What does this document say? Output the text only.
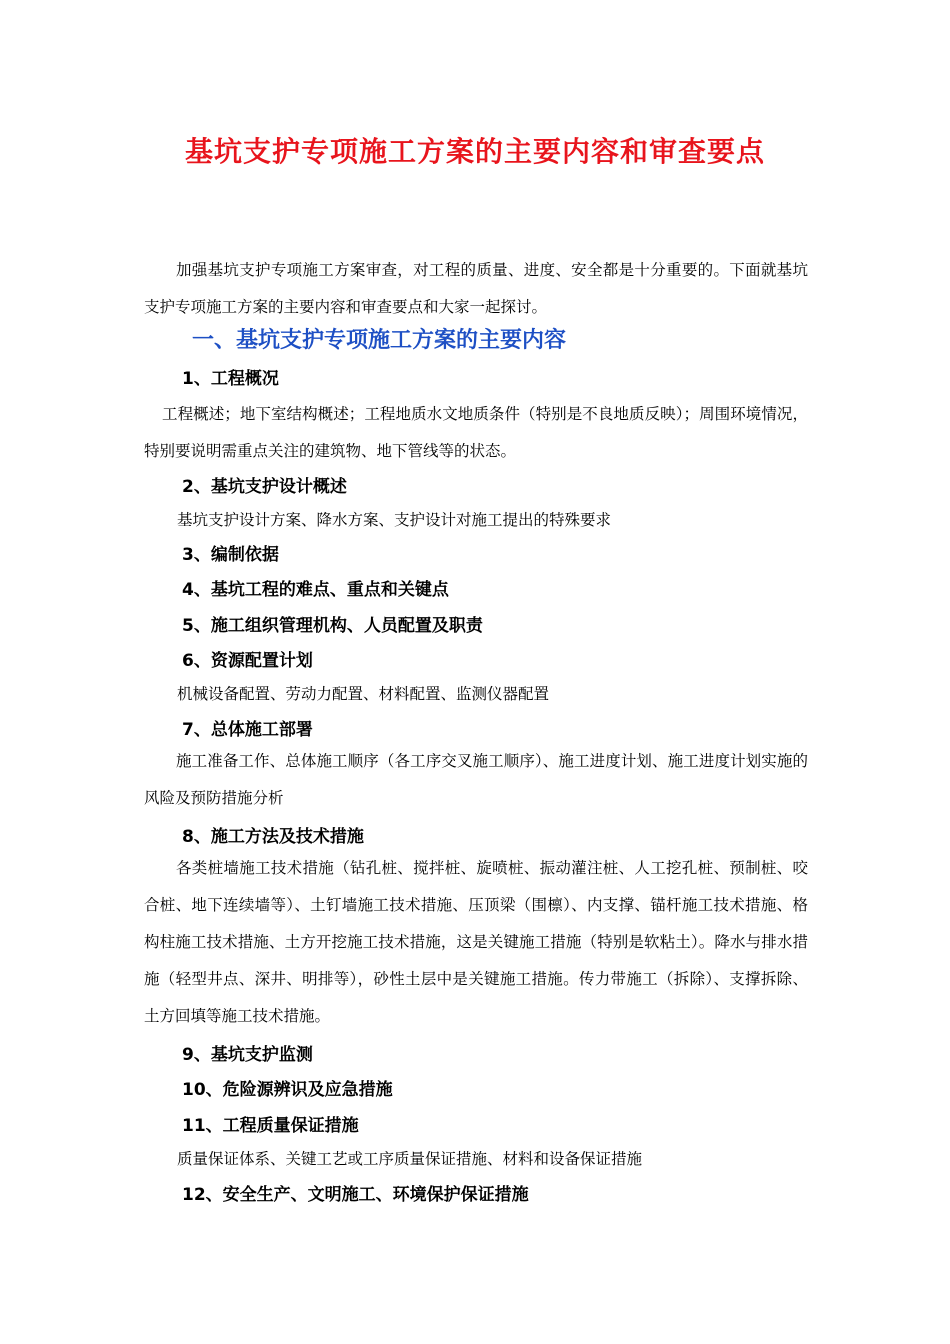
基坑支护专项施工方案的主要内容和审查要点
加强基坑支护专项施工方案审查，对工程的质量、进度、安全都是十分重要的。下面就基坑支护专项施工方案的主要内容和审查要点和大家一起探讨。
一、基坑支护专项施工方案的主要内容
1、工程概况
工程概述；地下室结构概述；工程地质水文地质条件（特别是不良地质反映）；周围环境情况，特别要说明需重点关注的建筑物、地下管线等的状态。
2、基坑支护设计概述
基坑支护设计方案、降水方案、支护设计对施工提出的特殊要求
3、编制依据
4、基坑工程的难点、重点和关键点
5、施工组织管理机构、人员配置及职责
6、资源配置计划
机械设备配置、劳动力配置、材料配置、监测仪器配置
7、总体施工部署
施工准备工作、总体施工顺序（各工序交叉施工顺序）、施工进度计划、施工进度计划实施的风险及预防措施分析
8、施工方法及技术措施
各类桩墙施工技术措施（钻孔桩、搅拌桩、旋喷桩、振动灌注桩、人工挖孔桩、预制桩、咬合桩、地下连续墙等）、土钉墙施工技术措施、压顶梁（围檩）、内支撑、锚杆施工技术措施、格构柱施工技术措施、土方开挖施工技术措施，这是关键施工措施（特别是软粘土）。降水与排水措施（轻型井点、深井、明排等），砂性土层中是关键施工措施。传力带施工（拆除）、支撑拆除、土方回填等施工技术措施。
9、基坑支护监测
10、危险源辨识及应急措施
11、工程质量保证措施
质量保证体系、关键工艺或工序质量保证措施、材料和设备保证措施
12、安全生产、文明施工、环境保护保证措施
